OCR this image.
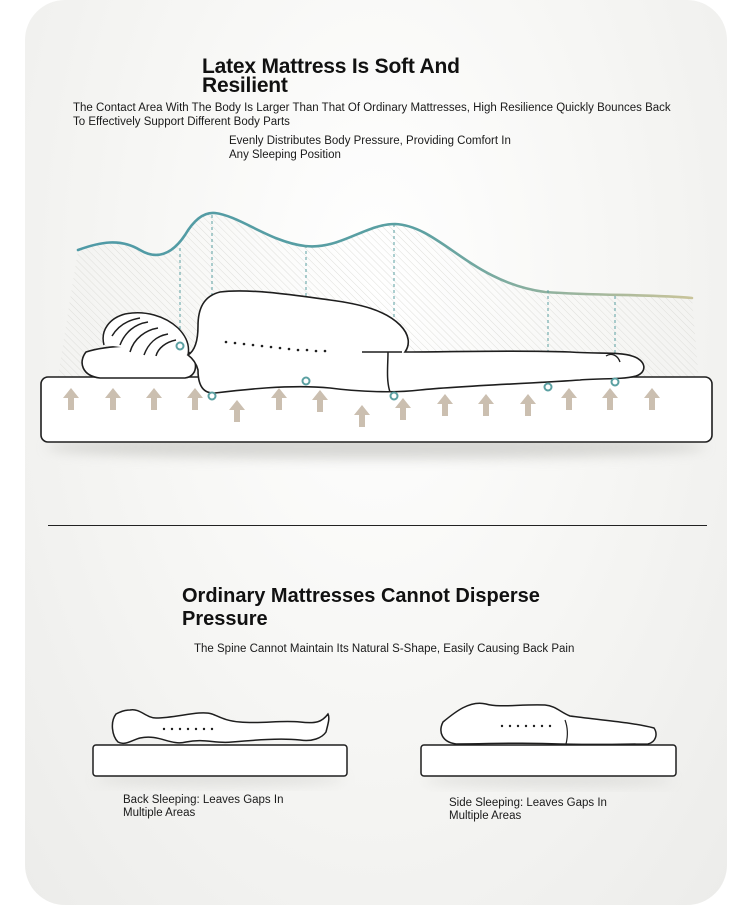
Latex Mattress Is Soft And Resilient

The Contact Area With The Body Is Larger Than That Of Ordinary Mattresses, High Resilience Quickly Bounces Back To Effectively Support Different Body Parts

Evenly Distributes Body Pressure, Providing Comfort In Any Sleeping Position

Ordinary Mattresses Cannot Disperse Pressure

The Spine Cannot Maintain Its Natural S-Shape, Easily Causing Back Pain

Back Sleeping: Leaves Gaps In Multiple Areas

Side Sleeping: Leaves Gaps In Multiple Areas
